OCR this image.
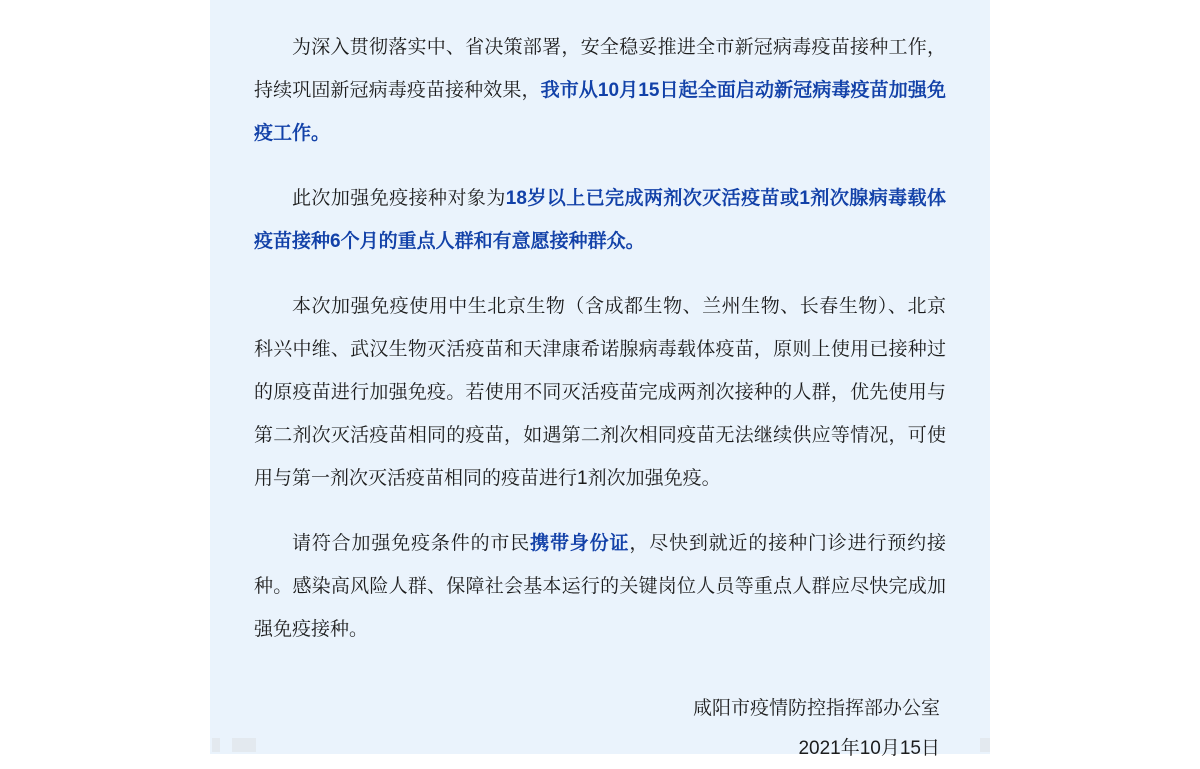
为深入贯彻落实中、省决策部署，安全稳妥推进全市新冠病毒疫苗接种工作，持续巩固新冠病毒疫苗接种效果，我市从10月15日起全面启动新冠病毒疫苗加强免疫工作。

此次加强免疫接种对象为18岁以上已完成两剂次灭活疫苗或1剂次腺病毒载体疫苗接种6个月的重点人群和有意愿接种群众。

本次加强免疫使用中生北京生物（含成都生物、兰州生物、长春生物）、北京科兴中维、武汉生物灭活疫苗和天津康希诺腺病毒载体疫苗，原则上使用已接种过的原疫苗进行加强免疫。若使用不同灭活疫苗完成两剂次接种的人群，优先使用与第二剂次灭活疫苗相同的疫苗，如遇第二剂次相同疫苗无法继续供应等情况，可使用与第一剂次灭活疫苗相同的疫苗进行1剂次加强免疫。

请符合加强免疫条件的市民携带身份证，尽快到就近的接种门诊进行预约接种。感染高风险人群、保障社会基本运行的关键岗位人员等重点人群应尽快完成加强免疫接种。

咸阳市疫情防控指挥部办公室
2021年10月15日
